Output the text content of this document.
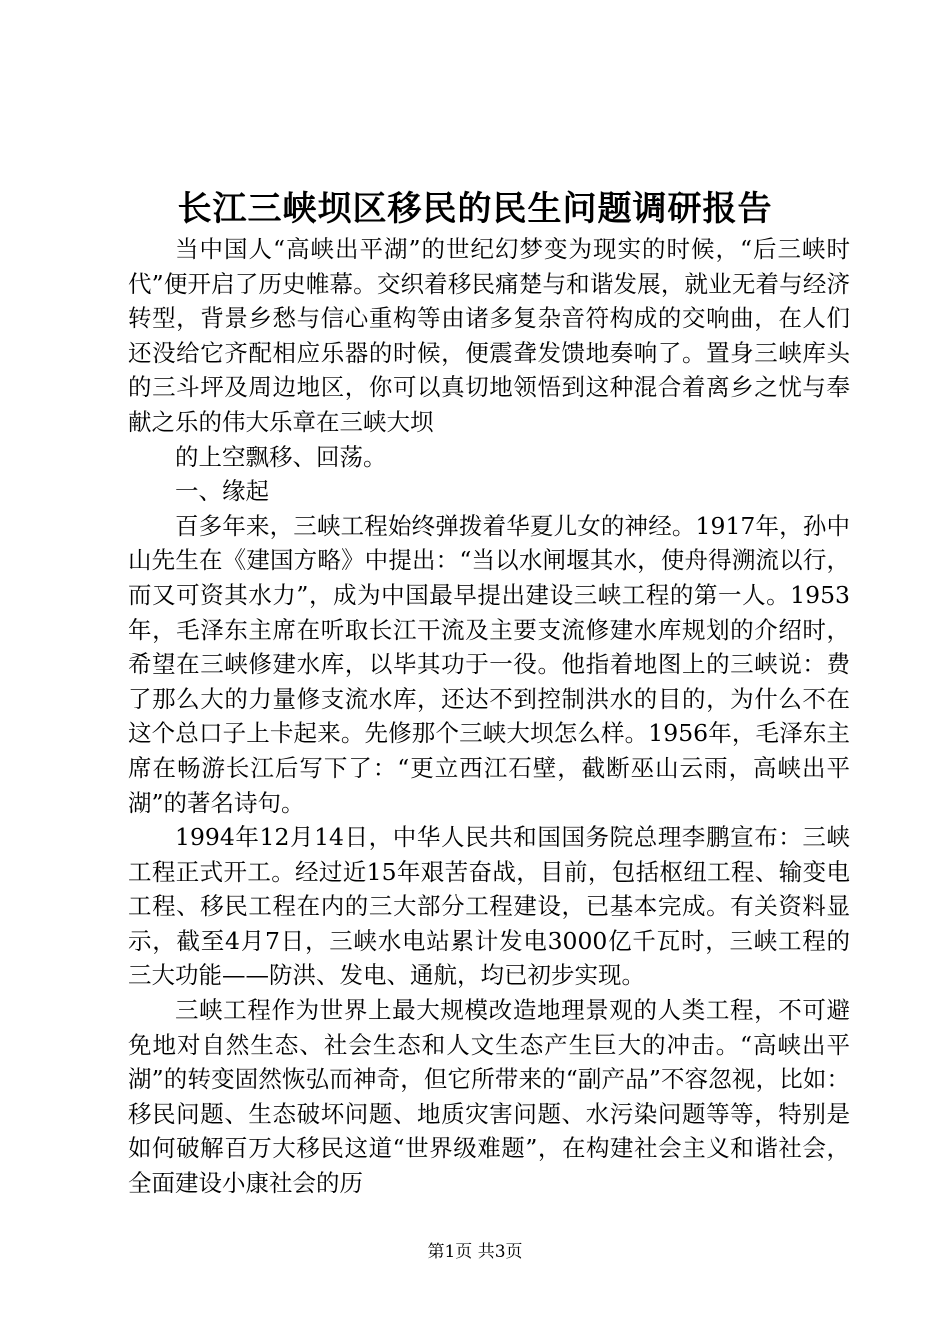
长江三峡坝区移民的民生问题调研报告

当中国人“高峡出平湖”的世纪幻梦变为现实的时候，“后三峡时代”便开启了历史帷幕。交织着移民痛楚与和谐发展，就业无着与经济转型，背景乡愁与信心重构等由诸多复杂音符构成的交响曲，在人们还没给它齐配相应乐器的时候，便震聋发馈地奏响了。置身三峡库头的三斗坪及周边地区，你可以真切地领悟到这种混合着离乡之忧与奉献之乐的伟大乐章在三峡大坝

的上空飘移、回荡。

一、缘起

百多年来，三峡工程始终弹拨着华夏儿女的神经。1917年，孙中山先生在《建国方略》中提出：“当以水闸堰其水，使舟得溯流以行，而又可资其水力”，成为中国最早提出建设三峡工程的第一人。1953年，毛泽东主席在听取长江干流及主要支流修建水库规划的介绍时，希望在三峡修建水库，以毕其功于一役。他指着地图上的三峡说：费了那么大的力量修支流水库，还达不到控制洪水的目的，为什么不在这个总口子上卡起来。先修那个三峡大坝怎么样。1956年，毛泽东主席在畅游长江后写下了：“更立西江石壁，截断巫山云雨，高峡出平湖”的著名诗句。

1994年12月14日，中华人民共和国国务院总理李鹏宣布：三峡工程正式开工。经过近15年艰苦奋战，目前，包括枢纽工程、输变电工程、移民工程在内的三大部分工程建设，已基本完成。有关资料显示，截至4月7日，三峡水电站累计发电3000亿千瓦时，三峡工程的三大功能——防洪、发电、通航，均已初步实现。

三峡工程作为世界上最大规模改造地理景观的人类工程，不可避免地对自然生态、社会生态和人文生态产生巨大的冲击。“高峡出平湖”的转变固然恢弘而神奇，但它所带来的“副产品”不容忽视，比如：移民问题、生态破坏问题、地质灾害问题、水污染问题等等，特别是如何破解百万大移民这道“世界级难题”，在构建社会主义和谐社会，全面建设小康社会的历

第1页 共3页
